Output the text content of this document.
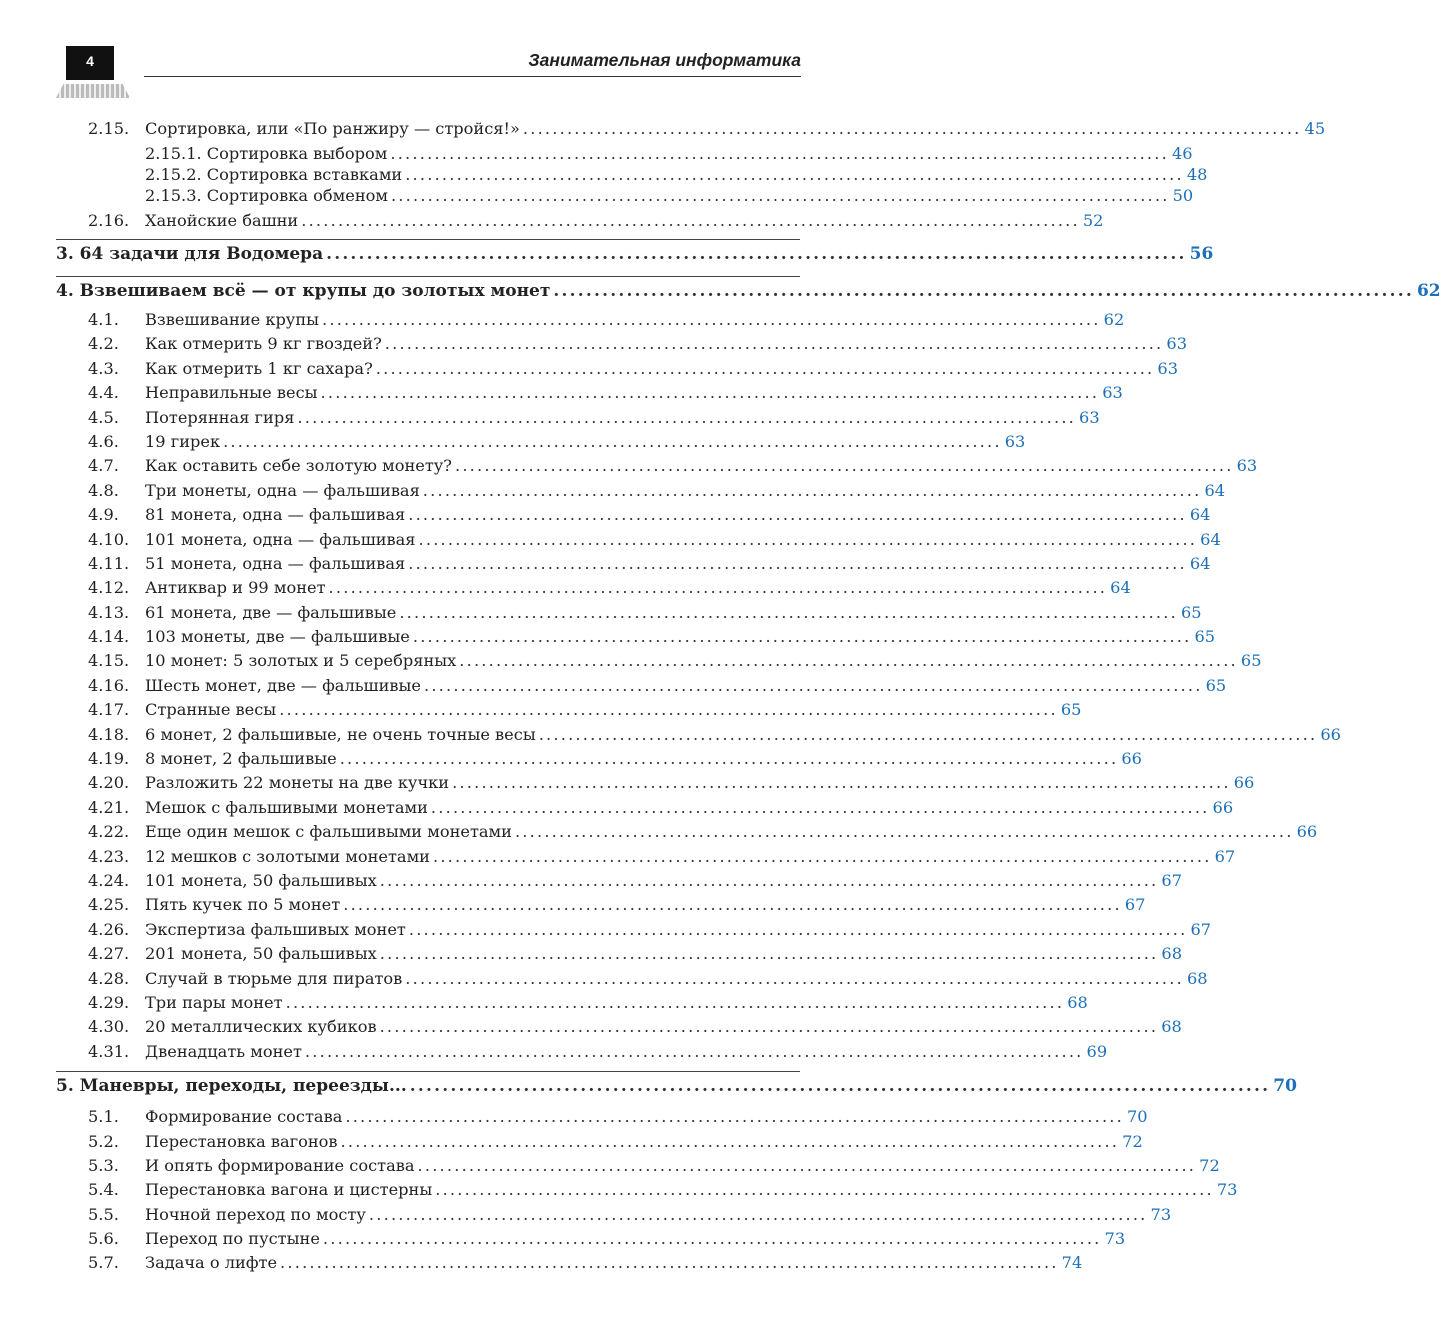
4	Занимательная информатика
2.15. Сортировка, или «По ранжиру — стройся!» .......................................................................................................... 45
2.15.1. Сортировка выбором .......................................................................................................... 46
2.15.2. Сортировка вставками .......................................................................................................... 48
2.15.3. Сортировка обменом .......................................................................................................... 50
2.16. Ханойские башни .......................................................................................................... 52
3. 64 задачи для Водомера .......................................................................................................... 56
4. Взвешиваем всё — от крупы до золотых монет .......................................................................................................... 62
4.1.	Взвешивание крупы .......................................................................................................... 62
4.2.	Как отмерить 9 кг гвоздей? .......................................................................................................... 63
4.3.	Как отмерить 1 кг сахара? .......................................................................................................... 63
4.4.	Неправильные весы .......................................................................................................... 63
4.5.	Потерянная гиря .......................................................................................................... 63
4.6.	19 гирек .......................................................................................................... 63
4.7.	Как оставить себе золотую монету? .......................................................................................................... 63
4.8.	Три монеты, одна — фальшивая .......................................................................................................... 64
4.9.	81 монета, одна — фальшивая .......................................................................................................... 64
4.10. 101 монета, одна — фальшивая .......................................................................................................... 64
4.11. 51 монета, одна — фальшивая .......................................................................................................... 64
4.12. Антиквар и 99 монет .......................................................................................................... 64
4.13. 61 монета, две — фальшивые .......................................................................................................... 65
4.14. 103 монеты, две — фальшивые .......................................................................................................... 65
4.15. 10 монет: 5 золотых и 5 серебряных .......................................................................................................... 65
4.16. Шесть монет, две — фальшивые .......................................................................................................... 65
4.17. Странные весы .......................................................................................................... 65
4.18. 6 монет, 2 фальшивые, не очень точные весы .......................................................................................................... 66
4.19. 8 монет, 2 фальшивые .......................................................................................................... 66
4.20. Разложить 22 монеты на две кучки .......................................................................................................... 66
4.21. Мешок с фальшивыми монетами .......................................................................................................... 66
4.22. Еще один мешок с фальшивыми монетами .......................................................................................................... 66
4.23. 12 мешков с золотыми монетами .......................................................................................................... 67
4.24. 101 монета, 50 фальшивых .......................................................................................................... 67
4.25. Пять кучек по 5 монет .......................................................................................................... 67
4.26. Экспертиза фальшивых монет .......................................................................................................... 67
4.27. 201 монета, 50 фальшивых .......................................................................................................... 68
4.28. Случай в тюрьме для пиратов .......................................................................................................... 68
4.29. Три пары монет .......................................................................................................... 68
4.30. 20 металлических кубиков .......................................................................................................... 68
4.31. Двенадцать монет .......................................................................................................... 69
5. Маневры, переходы, переезды... .......................................................................................................... 70
5.1.	Формирование состава .......................................................................................................... 70
5.2.	Перестановка вагонов .......................................................................................................... 72
5.3.	И опять формирование состава .......................................................................................................... 72
5.4.	Перестановка вагона и цистерны .......................................................................................................... 73
5.5.	Ночной переход по мосту .......................................................................................................... 73
5.6.	Переход по пустыне .......................................................................................................... 73
5.7.	Задача о лифте .......................................................................................................... 74
